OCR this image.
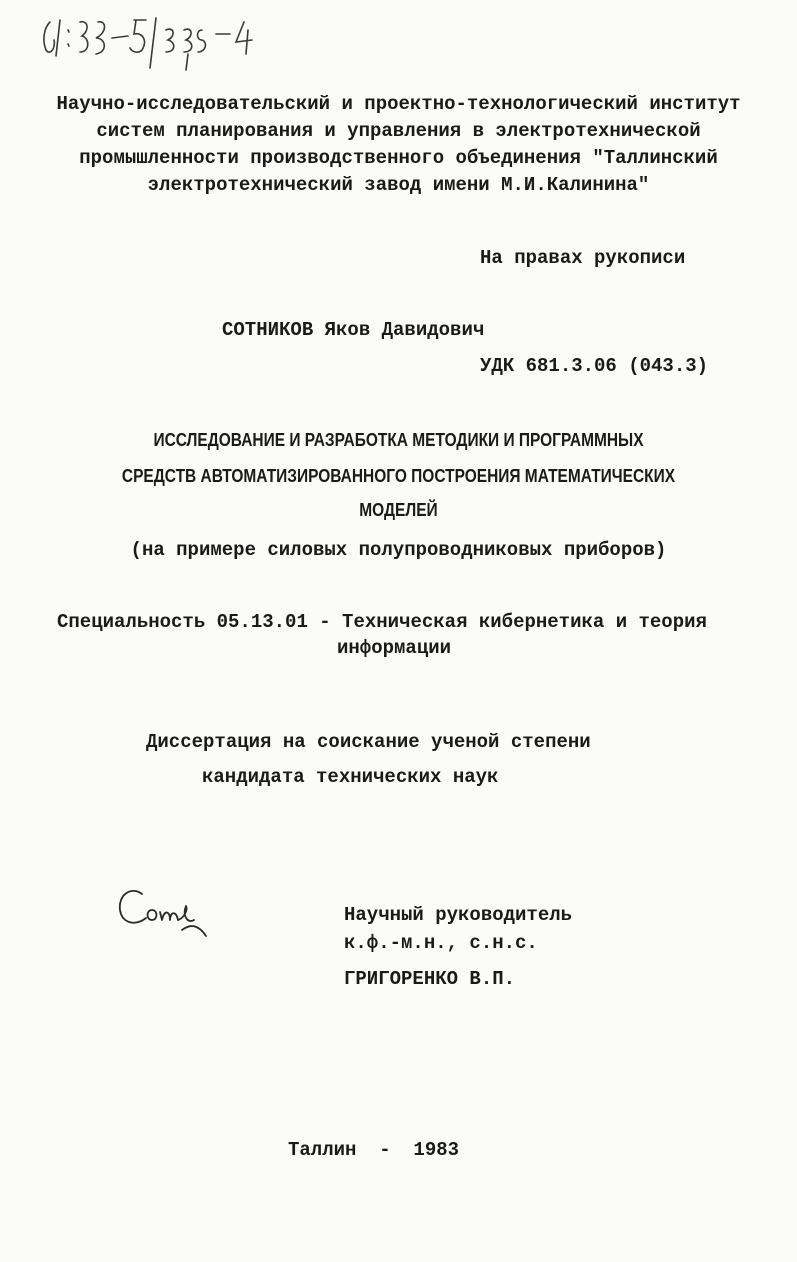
Научно-исследовательский и проектно-технологический институт
систем планирования и управления в электротехнической
промышленности производственного объединения "Таллинский
электротехнический завод имени М.И.Калинина"
На правах рукописи
СОТНИКОВ Яков Давидович
УДК 681.3.06 (043.3)
ИССЛЕДОВАНИЕ И РАЗРАБОТКА МЕТОДИКИ И ПРОГРАММНЫХ
СРЕДСТВ АВТОМАТИЗИРОВАННОГО ПОСТРОЕНИЯ МАТЕМАТИЧЕСКИХ
МОДЕЛЕЙ
(на примере силовых полупроводниковых приборов)
Специальность 05.13.01 - Техническая кибернетика и теория
информации
Диссертация на соискание ученой степени
кандидата технических наук
Научный руководитель
к.ф.-м.н., с.н.с.
ГРИГОРЕНКО В.П.
Таллин  -  1983
